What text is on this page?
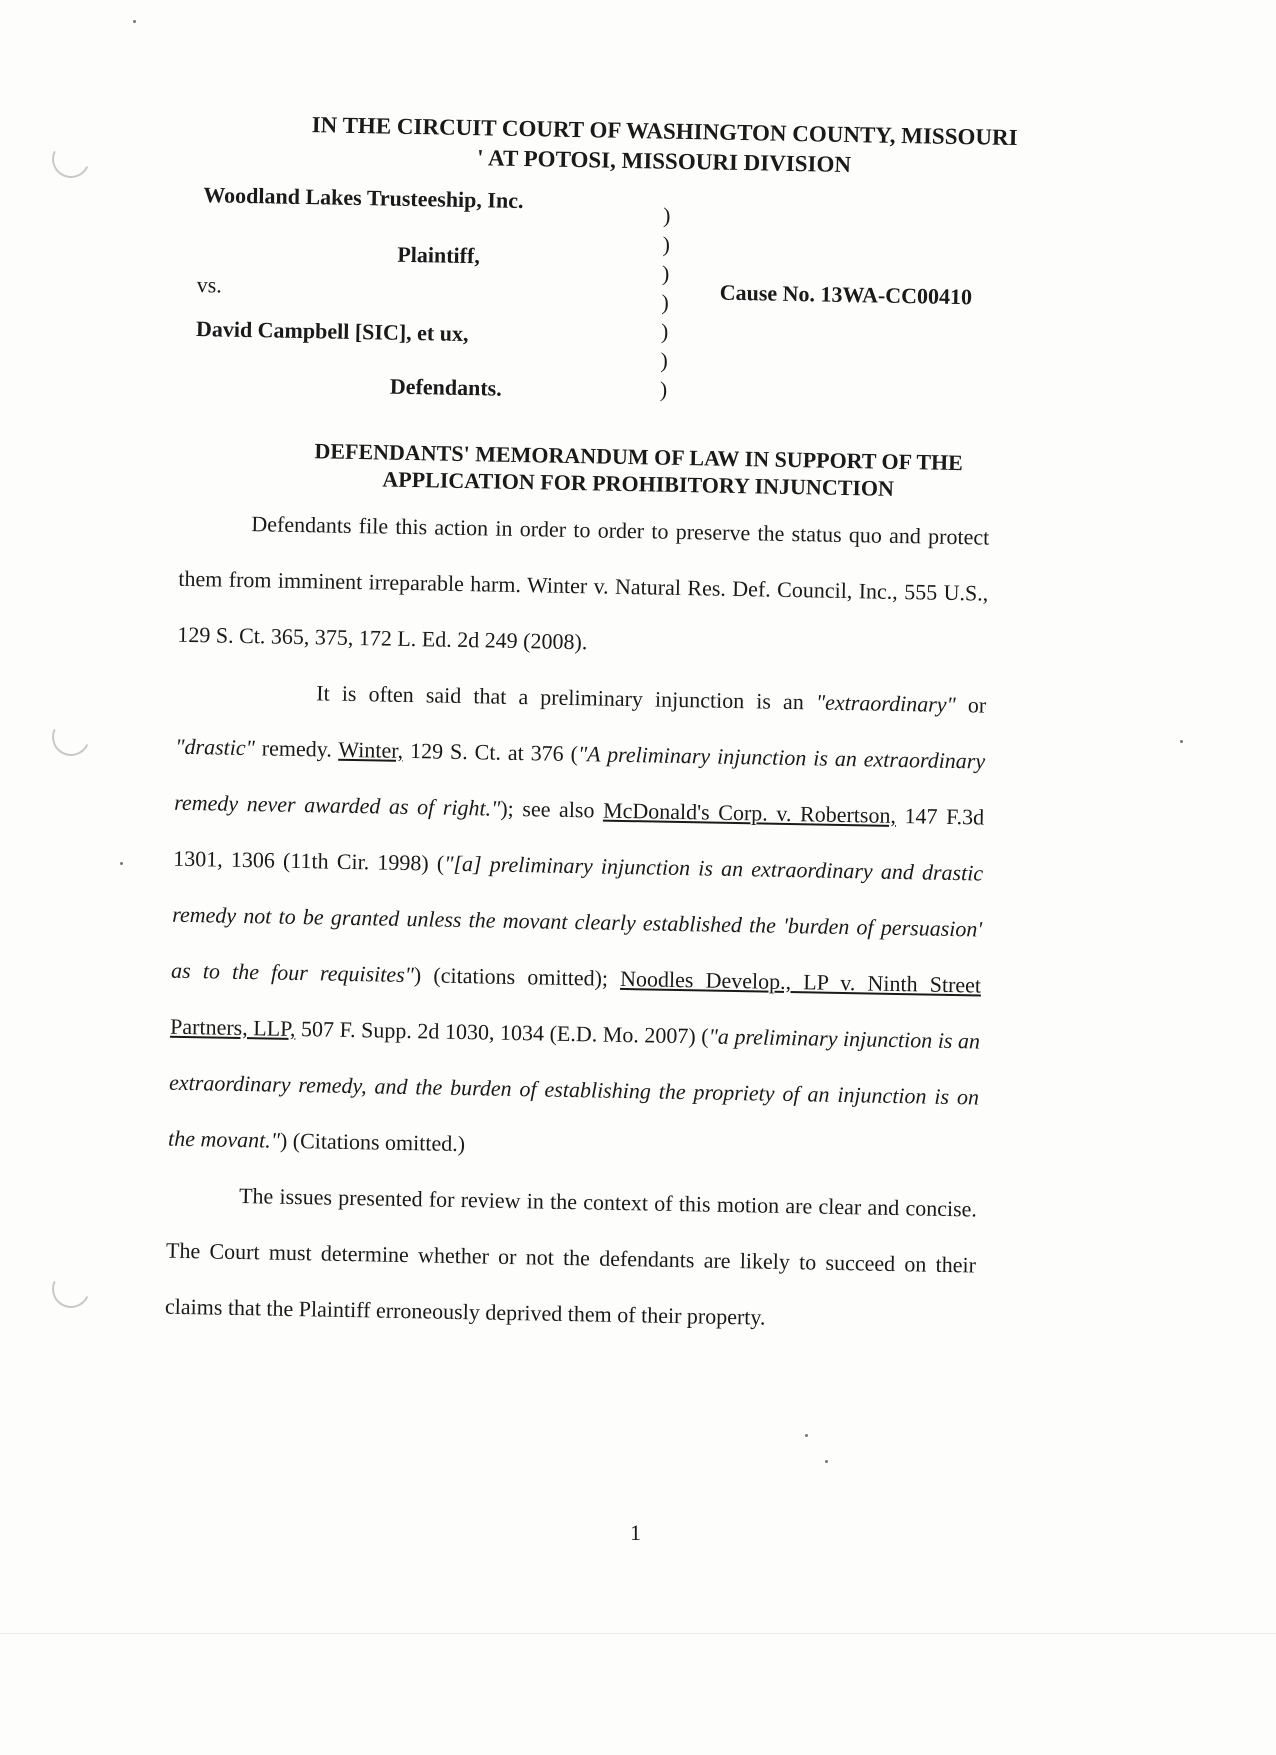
IN THE CIRCUIT COURT OF WASHINGTON COUNTY, MISSOURI
' AT POTOSI, MISSOURI DIVISION
Woodland Lakes Trusteeship, Inc.
Plaintiff,
vs.
David Campbell [SIC], et ux,
Defendants.
)
)
)
)
)
)
)
Cause No. 13WA-CC00410
DEFENDANTS' MEMORANDUM OF LAW IN SUPPORT OF THE
APPLICATION FOR PROHIBITORY INJUNCTION

Defendants file this action in order to order to preserve the status quo and protect them from imminent irreparable harm. Winter v. Natural Res. Def. Council, Inc., 555 U.S., 129 S. Ct. 365, 375, 172 L. Ed. 2d 249 (2008).

It is often said that a preliminary injunction is an "extraordinary" or "drastic" remedy. Winter, 129 S. Ct. at 376 ("A preliminary injunction is an extraordinary remedy never awarded as of right."); see also McDonald's Corp. v. Robertson, 147 F.3d 1301, 1306 (11th Cir. 1998) ("[a] preliminary injunction is an extraordinary and drastic remedy not to be granted unless the movant clearly established the 'burden of persuasion' as to the four requisites") (citations omitted); Noodles Develop., LP v. Ninth Street Partners, LLP, 507 F. Supp. 2d 1030, 1034 (E.D. Mo. 2007) ("a preliminary injunction is an extraordinary remedy, and the burden of establishing the propriety of an injunction is on the movant.") (Citations omitted.)

The issues presented for review in the context of this motion are clear and concise. The Court must determine whether or not the defendants are likely to succeed on their claims that the Plaintiff erroneously deprived them of their property.

1
